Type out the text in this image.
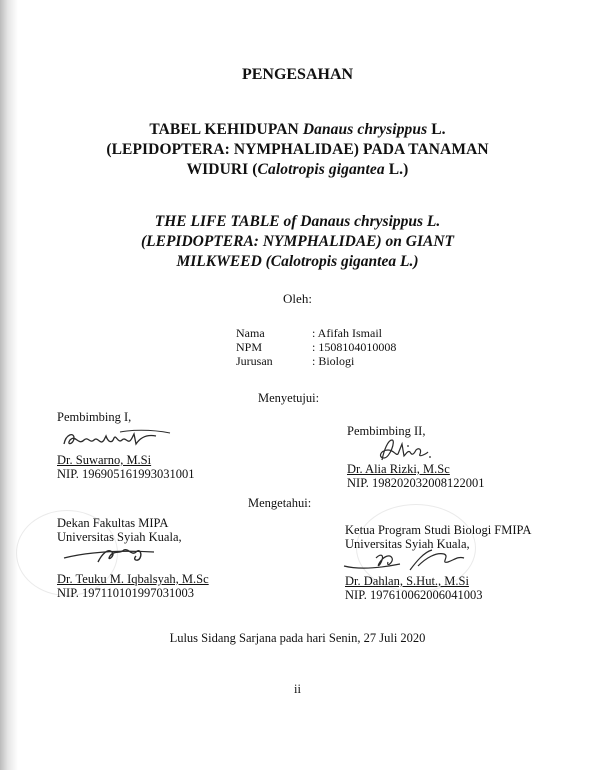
PENGESAHAN
TABEL KEHIDUPAN Danaus chrysippus L.
(LEPIDOPTERA: NYMPHALIDAE) PADA TANAMAN
WIDURI (Calotropis gigantea L.)
THE LIFE TABLE of Danaus chrysippus L.
(LEPIDOPTERA: NYMPHALIDAE) on GIANT
MILKWEED (Calotropis gigantea L.)
Oleh:
Nama	: Afifah Ismail
NPM	: 1508104010008
Jurusan	: Biologi
Menyetujui:
Pembimbing I,
Dr. Suwarno, M.Si
NIP. 196905161993031001
Pembimbing II,
Dr. Alia Rizki, M.Sc
NIP. 198202032008122001
Mengetahui:
Dekan Fakultas MIPA
Universitas Syiah Kuala,
Dr. Teuku M. Iqbalsyah, M.Sc
NIP. 197110101997031003
Ketua Program Studi Biologi FMIPA
Universitas Syiah Kuala,
Dr. Dahlan, S.Hut., M.Si
NIP. 197610062006041003
Lulus Sidang Sarjana pada hari Senin, 27 Juli 2020
ii
